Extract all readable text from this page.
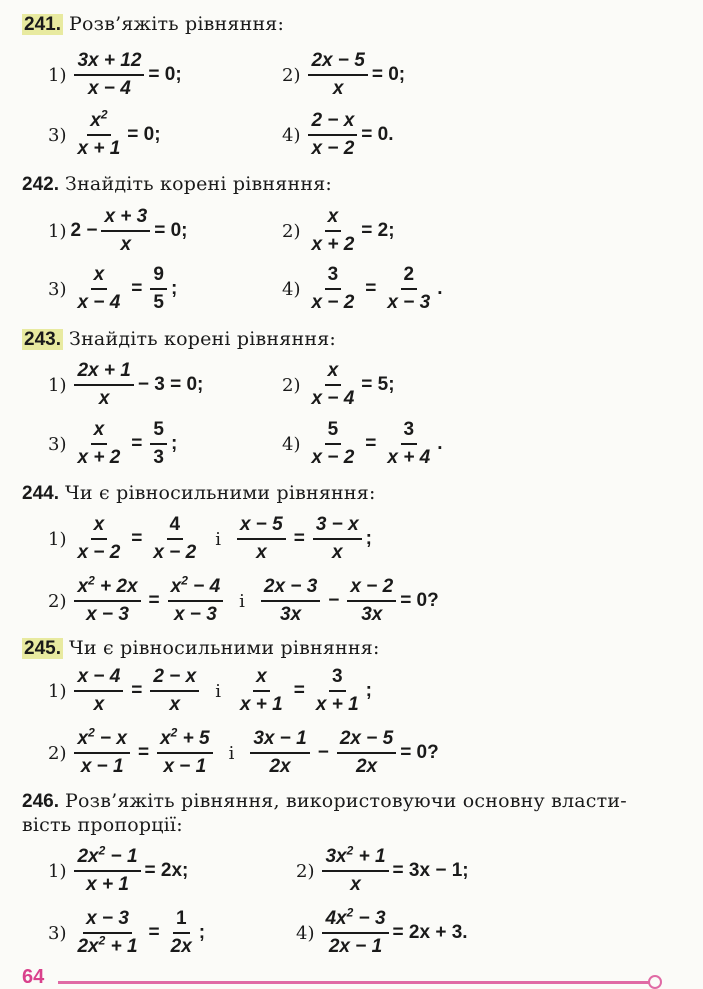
241. Розв’яжіть рівняння:
$1) \frac{3x + 12}{x - 4} = 0$;	$2) \frac{2x - 5}{x} = 0$;
$3) \frac{x^2}{x + 1} = 0$;	$4) \frac{2 - x}{x - 2} = 0$.
242. Знайдіть корені рівняння:
1) $2 - \frac{x + 3}{x} = 0$;	$2) \frac{x}{x + 2} = 2$;
$3) \frac{x}{x - 4} = \frac{9}{5}$ ;	$4) \frac{3}{x - 2} = \frac{2}{x - 3}$ .
243. Знайдіть корені рівняння:
$1) \frac{2x + 1}{x} - 3 = 0$;	$2) \frac{x}{x - 4} = 5$;
$3) \frac{x}{x + 2} = \frac{5}{3}$ ;	$4) \frac{5}{x - 2} = \frac{3}{x + 4}$ .
244. Чи є рівносильними рівняння:
$1) \frac{x}{x - 2} = \frac{4}{x - 2}$ і $\frac{x - 5}{x} = \frac{3 - x}{x}$ ;
$2) \frac{x^2 + 2x}{x - 3} = \frac{x^2 - 4}{x - 3}$ і $\frac{2x - 3}{3x} - \frac{x - 2}{3x} = 0$?
245. Чи є рівносильними рівняння:
$1) \frac{x - 4}{x} = \frac{2 - x}{x}$ і $\frac{x}{x + 1} = \frac{3}{x + 1}$ ;
$2) \frac{x^2 - x}{x - 1} = \frac{x^2 + 5}{x - 1}$ і $\frac{3x - 1}{2x} - \frac{2x - 5}{2x} = 0$?
246. Розв’яжіть рівняння, використовуючи основну власти-
вість пропорції:
$1) \frac{2x^2 - 1}{x + 1} = 2x$;	$2) \frac{3x^2 + 1}{x} = 3x - 1$;
$3) \frac{x - 3}{2x^2 + 1} = \frac{1}{2x}$ ;	$4) \frac{4x^2 - 3}{2x - 1} = 2x + 3$.
64
